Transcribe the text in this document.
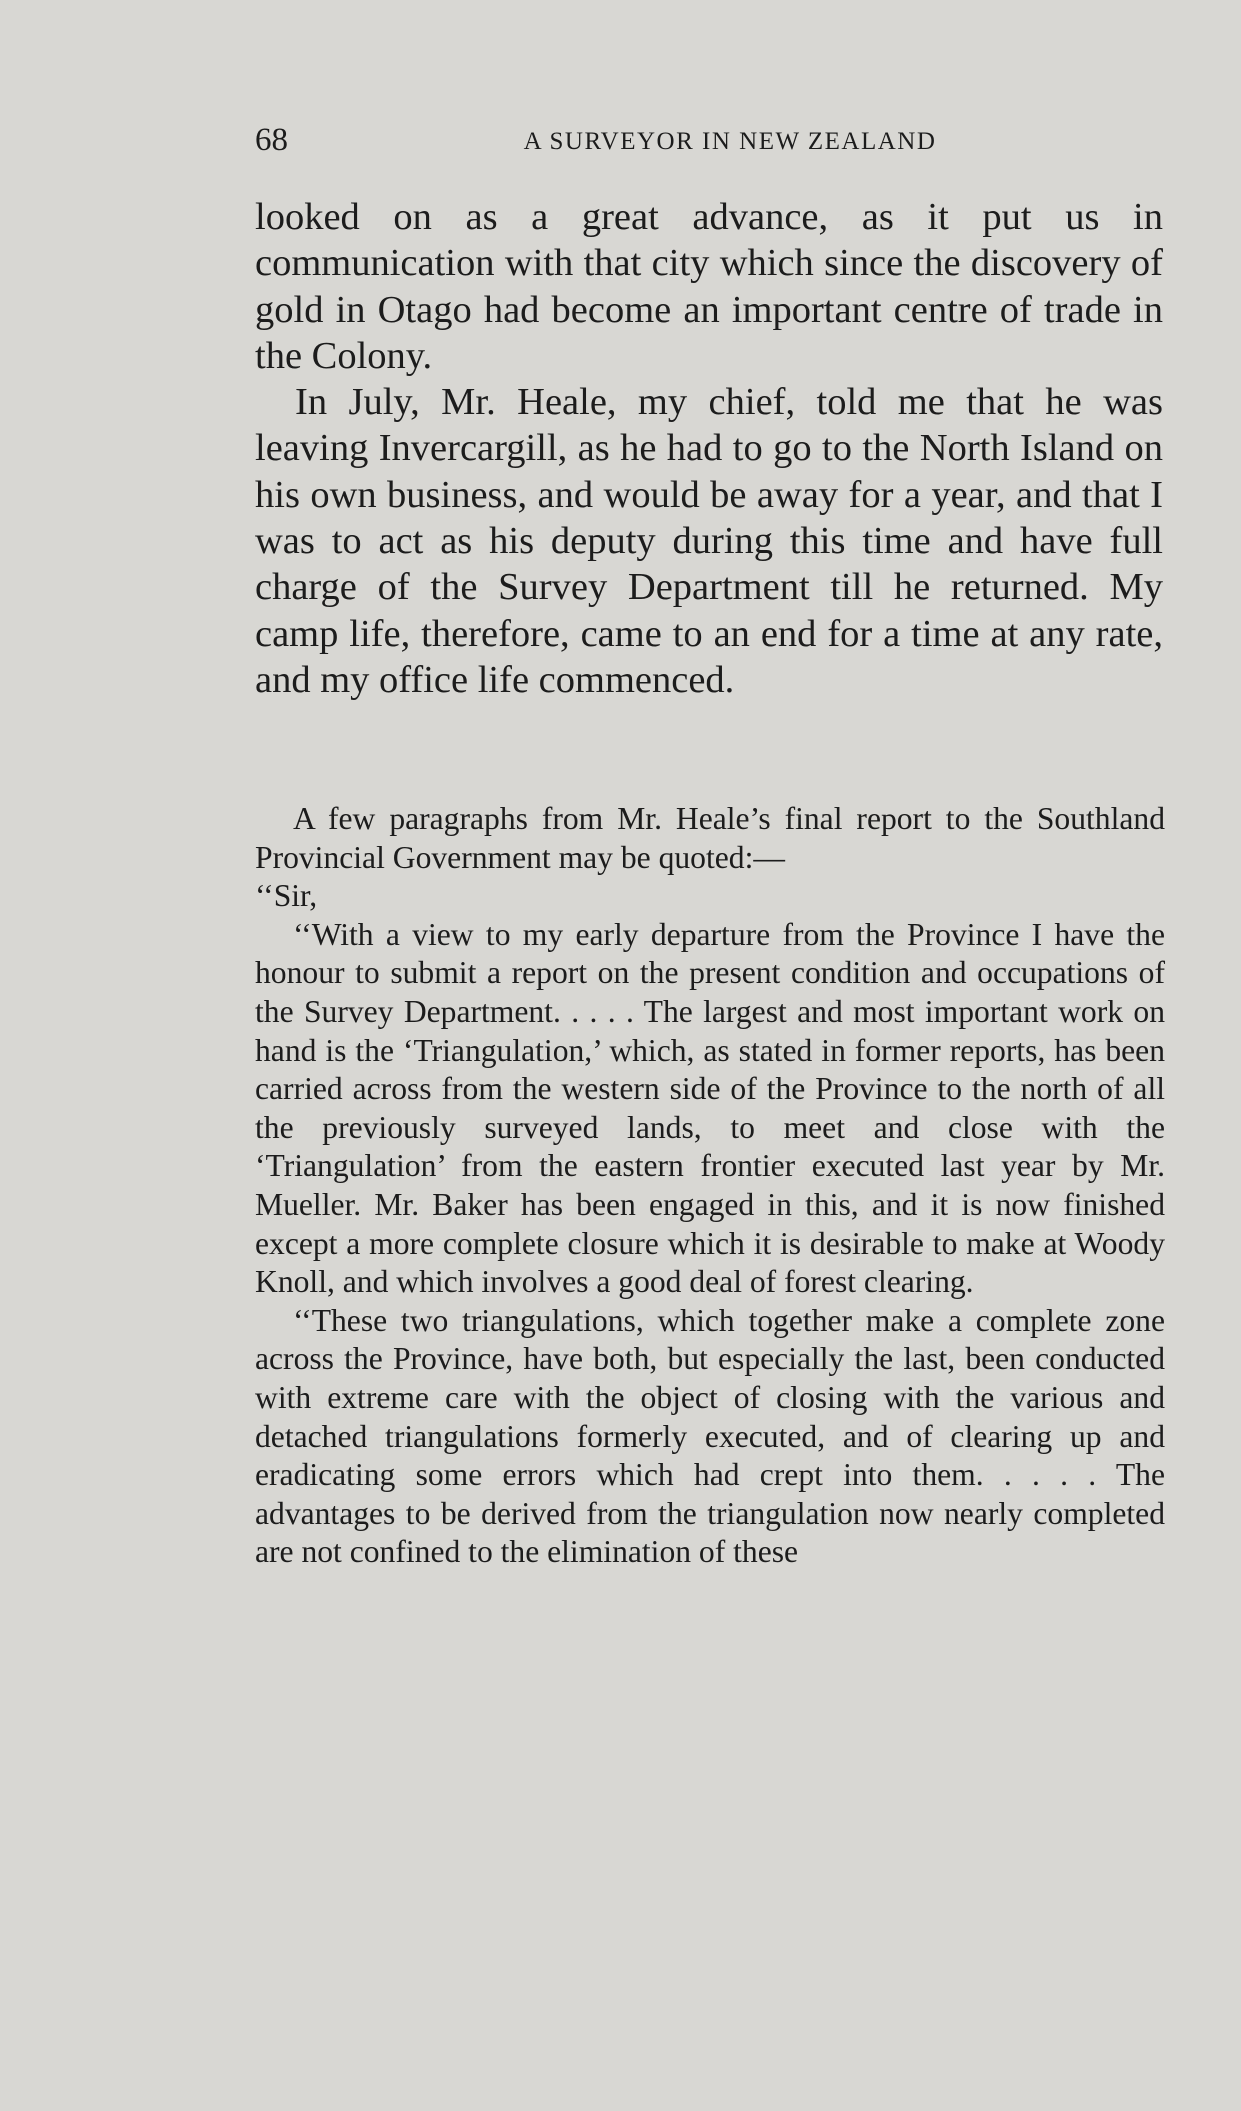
68	A SURVEYOR IN NEW ZEALAND

looked on as a great advance, as it put us in communication with that city which since the discovery of gold in Otago had become an important centre of trade in the Colony.

In July, Mr. Heale, my chief, told me that he was leaving Invercargill, as he had to go to the North Island on his own business, and would be away for a year, and that I was to act as his deputy during this time and have full charge of the Survey Department till he returned. My camp life, therefore, came to an end for a time at any rate, and my office life commenced.

A few paragraphs from Mr. Heale’s final report to the Southland Provincial Government may be quoted:—

‘‘Sir,

‘‘With a view to my early departure from the Province I have the honour to submit a report on the present condition and occupations of the Survey Department. . . . . The largest and most important work on hand is the ‘Triangulation,’ which, as stated in former reports, has been carried across from the western side of the Province to the north of all the previously surveyed lands, to meet and close with the ‘Triangulation’ from the eastern frontier executed last year by Mr. Mueller. Mr. Baker has been engaged in this, and it is now finished except a more complete closure which it is desirable to make at Woody Knoll, and which involves a good deal of forest clearing.

‘‘These two triangulations, which together make a complete zone across the Province, have both, but especially the last, been conducted with extreme care with the object of closing with the various and detached triangulations formerly executed, and of clearing up and eradicating some errors which had crept into them. . . . . The advantages to be derived from the triangulation now nearly completed are not confined to the elimination of these
